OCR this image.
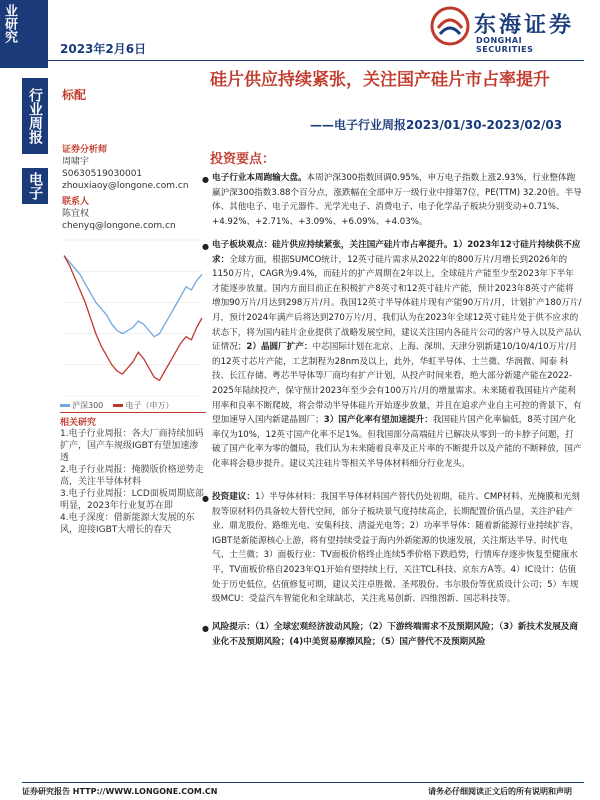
业研究
2023年2月6日
东海证券
DONGHAI SECURITIES
行业周报
电子
标配
硅片供应持续紧张，关注国产硅片市占率提升
——电子行业周报2023/01/30-2023/02/03
证券分析师
周啸宇
S0630519030001
zhouxiaoy@longone.com.cn
联系人
陈宜权
chenyq@longone.com.cn
沪深300	电子（申万）
相关研究
1.电子行业周报：各大厂商持续加码扩产，国产车规级IGBT有望加速渗透
2.电子行业周报：掩膜版价格逆势走高，关注半导体材料
3.电子行业周报：LCD面板周期底部明显，2023年行业复苏在即
4.电子深度：借新能源大发展的东风，迎接IGBT大增长的春天
投资要点：
● 电子行业本周跑输大盘。本周沪深300指数回调0.95%，申万电子指数上涨2.93%，行业整体跑赢沪深300指数3.88个百分点，涨跌幅在全部申万一级行业中排第7位，PE(TTM) 32.20倍。半导体、其他电子、电子元器件、光学光电子、消费电子、电子化学品子板块分别变动+0.71%、+4.92%、+2.71%、+3.09%、+6.09%、+4.03%。
● 电子板块观点：硅片供应持续紧张，关注国产硅片市占率提升。1）2023年12寸硅片持续供不应求：全球方面，根据SUMCO统计，12英寸硅片需求从2022年的800万片/月增长到2026年的1150万片，CAGR为9.4%，而硅片的扩产周期在2年以上，全球硅片产能至少至2023年下半年才能逐步放量。国内方面目前正在积极扩产8英寸和12英寸硅片产能，预计2023年8英寸产能将增加90万片/月达到298万片/月。我国12英寸半导体硅片现有产能90万片/月，计划扩产180万片/月，预计2024年满产后将达到270万片/月，我们认为在2023年全球12英寸硅片处于供不应求的状态下，将为国内硅片企业提供了战略发展空间，建议关注国内各硅片公司的客户导入以及产品认证情况；2）晶圆厂扩产：中芯国际计划在北京、上海、深圳、天津分别新建10/10/4/10万片/月的12英寸芯片产能，工艺制程为28nm及以上，此外，华虹半导体、士兰微、华润微、闻泰 科技、长江存储、粤芯半导体等厂商均有扩产计划，从投产时间来看，绝大部分新建产能在2022-2025年陆续投产，保守预计2023年至少会有100万片/月的增量需求。未来随着我国硅片产能利用率和良率不断爬坡，将会带动半导体硅片开始逐步放量，并且在追求产业自主可控的背景下，有望加速导入国内新建晶圆厂；3）国产化率有望加速提升：我国硅片国产化率偏低，8英寸国产化率仅为10%，12英寸国产化率不足1%。但我国部分高端硅片已解决从零到一的卡脖子问题，打破了国产化率为零的僵局，我们认为未来随着良率及正片率的不断提升以及产能的不断释放，国产化率将会稳步提升。建议关注硅片等相关半导体材料细分行业龙头。
● 投资建议：1）半导体材料：我国半导体材料国产替代仍处初期，硅片、CMP材料、光掩膜和光刻胶等原材料仍具备较大替代空间，部分子板块景气度持续高企，长期配置价值凸显，关注沪硅产业、鼎龙股份、路维光电、安集科技、清溢光电等；2）功率半导体：随着新能源行业持续扩容，IGBT是新能源核心上游，将有望持续受益于海内外新能源的快速发展，关注斯达半导、时代电气、士兰微；3）面板行业：TV面板价格终止连续5季价格下跌趋势，行情库存逐步恢复至健康水平，TV面板价格自2023年Q1开始有望持续上行，关注TCL科技、京东方A等。4）IC设计：估值处于历史低位，估值修复可期，建议关注卓胜微、圣邦股份、韦尔股份等优质设计公司；5）车规级MCU：受益汽车智能化和全球缺芯，关注兆易创新、四维图新、国芯科技等。
● 风险提示：（1）全球宏观经济波动风险；（2）下游终端需求不及预期风险；（3）新技术发展及商业化不及预期风险；(4)中美贸易摩擦风险；（5）国产替代不及预期风险
证券研究报告 HTTP://WWW.LONGONE.COM.CN	请务必仔细阅读正文后的所有说明和声明
